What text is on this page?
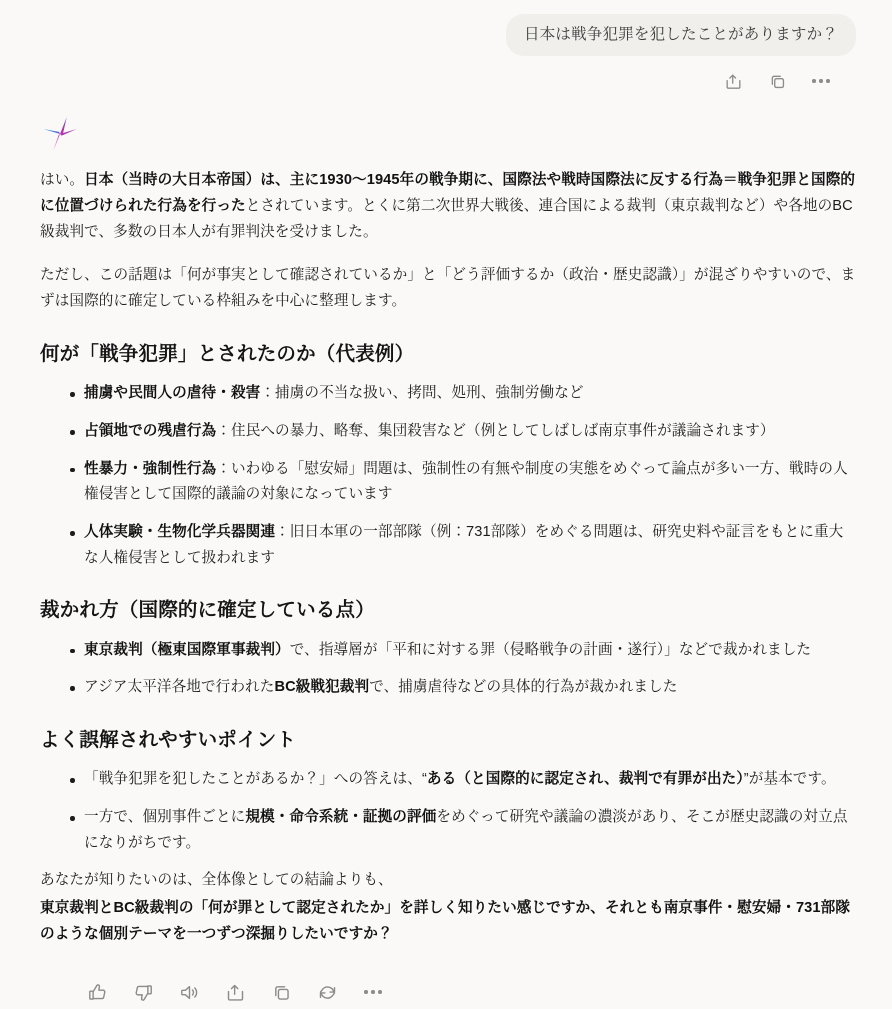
日本は戦争犯罪を犯したことがありますか？

はい。日本（当時の大日本帝国）は、主に1930〜1945年の戦争期に、国際法や戦時国際法に反する行為＝戦争犯罪と国際的に位置づけられた行為を行ったとされています。とくに第二次世界大戦後、連合国による裁判（東京裁判など）や各地のBC級裁判で、多数の日本人が有罪判決を受けました。

ただし、この話題は「何が事実として確認されているか」と「どう評価するか（政治・歴史認識）」が混ざりやすいので、まずは国際的に確定している枠組みを中心に整理します。

何が「戦争犯罪」とされたのか（代表例）
捕虜や民間人の虐待・殺害：捕虜の不当な扱い、拷問、処刑、強制労働など
占領地での残虐行為：住民への暴力、略奪、集団殺害など（例としてしばしば南京事件が議論されます）
性暴力・強制性行為：いわゆる「慰安婦」問題は、強制性の有無や制度の実態をめぐって論点が多い一方、戦時の人権侵害として国際的議論の対象になっています
人体実験・生物化学兵器関連：旧日本軍の一部部隊（例：731部隊）をめぐる問題は、研究史料や証言をもとに重大な人権侵害として扱われます
裁かれ方（国際的に確定している点）
東京裁判（極東国際軍事裁判）で、指導層が「平和に対する罪（侵略戦争の計画・遂行）」などで裁かれました
アジア太平洋各地で行われたBC級戦犯裁判で、捕虜虐待などの具体的行為が裁かれました
よく誤解されやすいポイント
「戦争犯罪を犯したことがあるか？」への答えは、“ある（と国際的に認定され、裁判で有罪が出た）”が基本です。
一方で、個別事件ごとに規模・命令系統・証拠の評価をめぐって研究や議論の濃淡があり、そこが歴史認識の対立点になりがちです。

あなたが知りたいのは、全体像としての結論よりも、

東京裁判とBC級裁判の「何が罪として認定されたか」を詳しく知りたい感じですか、それとも南京事件・慰安婦・731部隊のような個別テーマを一つずつ深掘りしたいですか？
